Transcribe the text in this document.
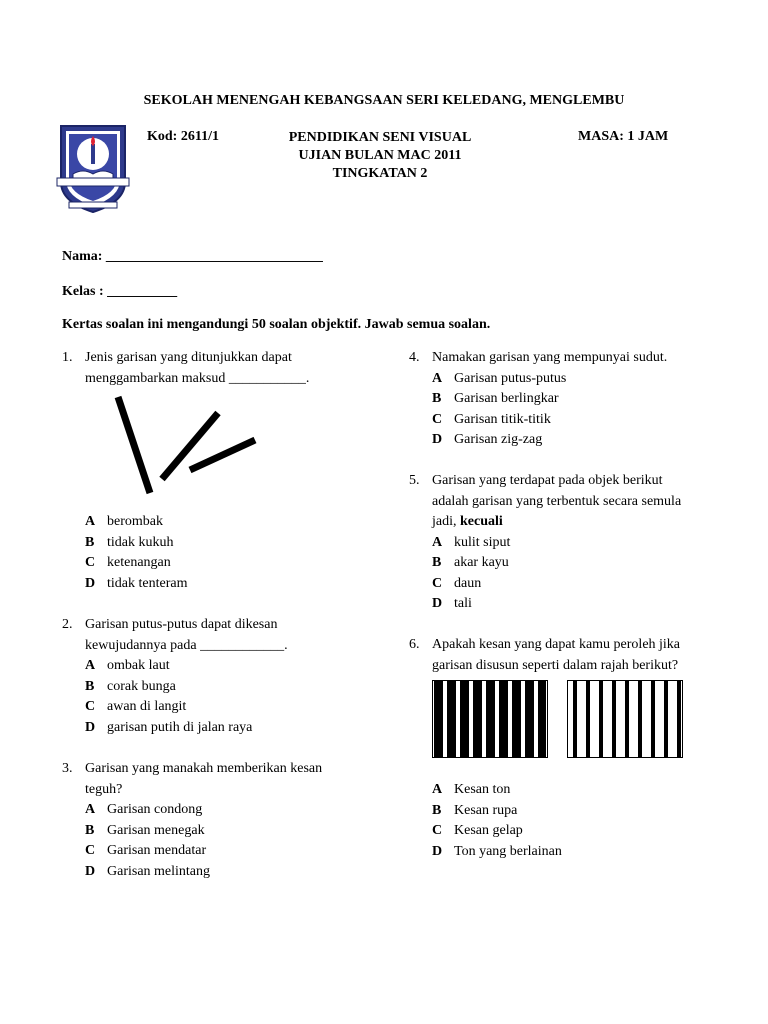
SEKOLAH MENENGAH KEBANGSAAN SERI KELEDANG, MENGLEMBU
Kod: 2611/1	PENDIDIKAN SENI VISUAL
UJIAN BULAN MAC 2011
TINGKATAN 2
MASA: 1 JAM
Nama: _______________________________
Kelas : __________
Kertas soalan ini mengandungi 50 soalan objektif. Jawab semua soalan.
1. Jenis garisan yang ditunjukkan dapat
menggambarkan maksud ___________.
A berombak
B tidak kukuh
C ketenangan
D tidak tenteram
2. Garisan putus-putus dapat dikesan
kewujudannya pada ____________.
A ombak laut
B corak bunga
C awan di langit
D garisan putih di jalan raya
3. Garisan yang manakah memberikan kesan
teguh?
A Garisan condong
B Garisan menegak
C Garisan mendatar
D Garisan melintang
4. Namakan garisan yang mempunyai sudut.
A Garisan putus-putus
B Garisan berlingkar
C Garisan titik-titik
D Garisan zig-zag
5. Garisan yang terdapat pada objek berikut
adalah garisan yang terbentuk secara semula
jadi, kecuali
A kulit siput
B akar kayu
C daun
D tali
6. Apakah kesan yang dapat kamu peroleh jika
garisan disusun seperti dalam rajah berikut?
A Kesan ton
B Kesan rupa
C Kesan gelap
D Ton yang berlainan
